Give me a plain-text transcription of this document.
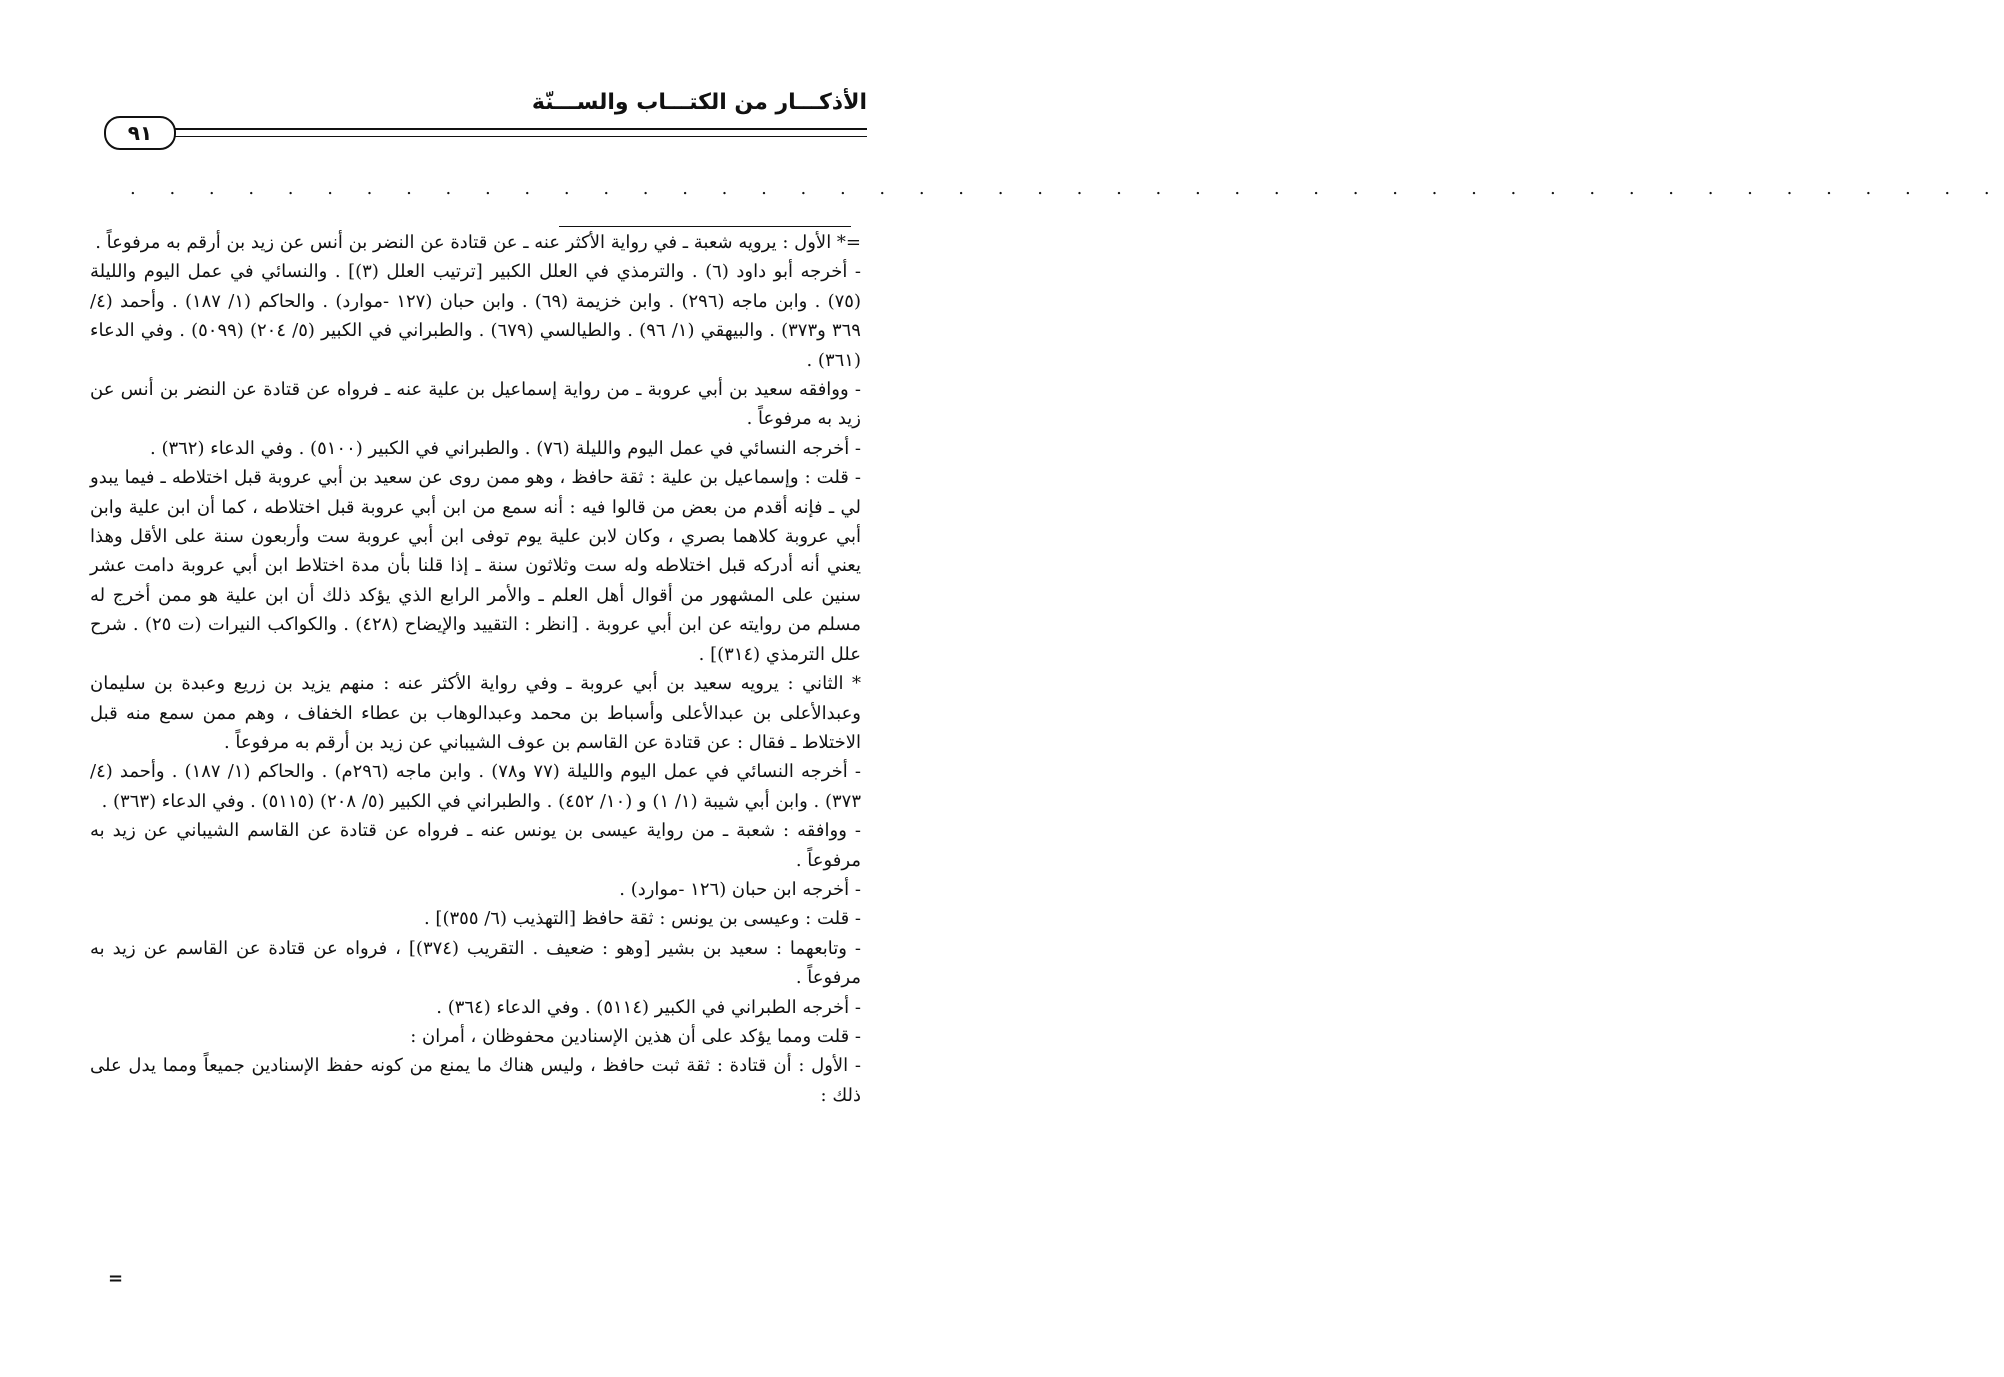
الأذكـــار من الكتـــاب والســـنّة
٩١
. . . . . . . . . . . . . . . . . . . . . . . . . . . . . . . . . . . . . . . . . . . . . . . .

=* الأول : يرويه شعبة ـ في رواية الأكثر عنه ـ عن قتادة عن النضر بن أنس عن زيد بن أرقم به مرفوعاً .

- أخرجه أبو داود (٦) . والترمذي في العلل الكبير [ترتيب العلل (٣)] . والنسائي في عمل اليوم والليلة (٧٥) . وابن ماجه (٢٩٦) . وابن خزيمة (٦٩) . وابن حبان (١٢٧ -موارد) . والحاكم (١/ ١٨٧) . وأحمد (٤/ ٣٦٩ و٣٧٣) . والبيهقي (١/ ٩٦) . والطيالسي (٦٧٩) . والطبراني في الكبير (٥/ ٢٠٤) (٥٠٩٩) . وفي الدعاء (٣٦١) .

- ووافقه سعيد بن أبي عروبة ـ من رواية إسماعيل بن علية عنه ـ فرواه عن قتادة عن النضر بن أنس عن زيد به مرفوعاً .

- أخرجه النسائي في عمل اليوم والليلة (٧٦) . والطبراني في الكبير (٥١٠٠) . وفي الدعاء (٣٦٢) .

- قلت : وإسماعيل بن علية : ثقة حافظ ، وهو ممن روى عن سعيد بن أبي عروبة قبل اختلاطه ـ فيما يبدو لي ـ فإنه أقدم من بعض من قالوا فيه : أنه سمع من ابن أبي عروبة قبل اختلاطه ، كما أن ابن علية وابن أبي عروبة كلاهما بصري ، وكان لابن علية يوم توفى ابن أبي عروبة ست وأربعون سنة على الأقل وهذا يعني أنه أدركه قبل اختلاطه وله ست وثلاثون سنة ـ إذا قلنا بأن مدة اختلاط ابن أبي عروبة دامت عشر سنين على المشهور من أقوال أهل العلم ـ والأمر الرابع الذي يؤكد ذلك أن ابن علية هو ممن أخرج له مسلم من روايته عن ابن أبي عروبة . [انظر : التقييد والإيضاح (٤٢٨) . والكواكب النيرات (ت ٢٥) . شرح علل الترمذي (٣١٤)] .

* الثاني : يرويه سعيد بن أبي عروبة ـ وفي رواية الأكثر عنه : منهم يزيد بن زريع وعبدة بن سليمان وعبدالأعلى بن عبدالأعلى وأسباط بن محمد وعبدالوهاب بن عطاء الخفاف ، وهم ممن سمع منه قبل الاختلاط ـ فقال : عن قتادة عن القاسم بن عوف الشيباني عن زيد بن أرقم به مرفوعاً .

- أخرجه النسائي في عمل اليوم والليلة (٧٧ و٧٨) . وابن ماجه (٢٩٦م) . والحاكم (١/ ١٨٧) . وأحمد (٤/ ٣٧٣) . وابن أبي شيبة (١/ ١) و (١٠/ ٤٥٢) . والطبراني في الكبير (٥/ ٢٠٨) (٥١١٥) . وفي الدعاء (٣٦٣) .

- ووافقه : شعبة ـ من رواية عيسى بن يونس عنه ـ فرواه عن قتادة عن القاسم الشيباني عن زيد به مرفوعاً .

- أخرجه ابن حبان (١٢٦ -موارد) .

- قلت : وعيسى بن يونس : ثقة حافظ [التهذيب (٦/ ٣٥٥)] .

- وتابعهما : سعيد بن بشير [وهو : ضعيف . التقريب (٣٧٤)] ، فرواه عن قتادة عن القاسم عن زيد به مرفوعاً .

- أخرجه الطبراني في الكبير (٥١١٤) . وفي الدعاء (٣٦٤) .

- قلت ومما يؤكد على أن هذين الإسنادين محفوظان ، أمران :

- الأول : أن قتادة : ثقة ثبت حافظ ، وليس هناك ما يمنع من كونه حفظ الإسنادين جميعاً ومما يدل على ذلك :

=
